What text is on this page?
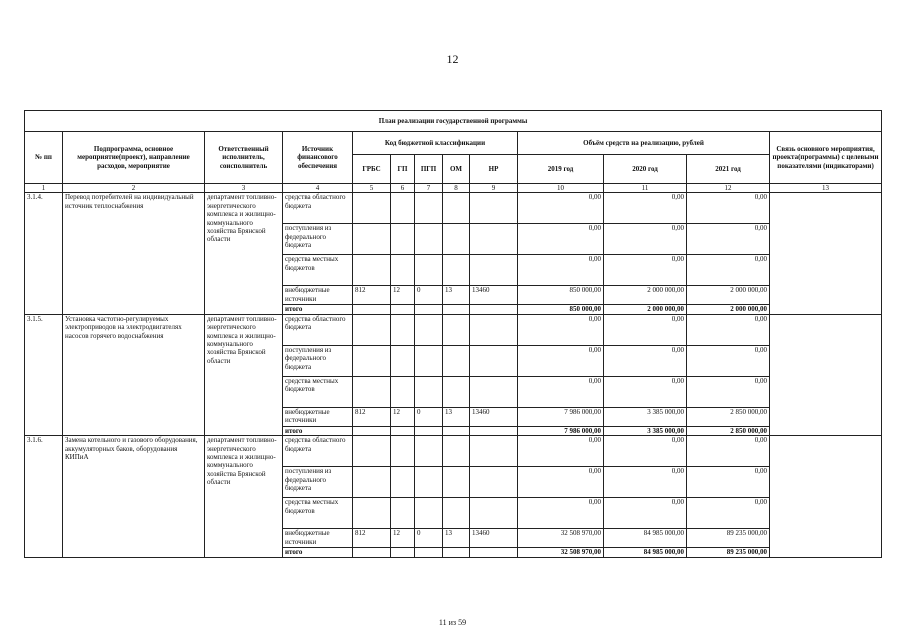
12
План реализации государственной программы												
№ пп	Подпрограмма, основное мероприятие(проект), направление расходов, мероприятие	Ответственный исполнитель, соисполнитель	Источник финансового обеспечения	Код бюджетной классификации					Объём средств на реализацию, рублей			Связь основного мероприятия, проекта(программы) с целевыми показателями (индикаторами)
				ГРБС	ГП	ПГП	ОМ	НР	2019 год	2020 год	2021 год	
1	2	3	4	5	6	7	8	9	10	11	12	13
3.1.4.	Перевод потребителей на индивидуальный источник теплоснабжения	департамент топливно-энергетического комплекса и жилищно-коммунального хозяйства Брянской области	средства областного бюджета						0,00	0,00	0,00	
			поступления из федерального бюджета						0,00	0,00	0,00	
			средства местных бюджетов						0,00	0,00	0,00	
			внебюджетные источники	812	12	0	13	13460	850 000,00	2 000 000,00	2 000 000,00	
			итого						850 000,00	2 000 000,00	2 000 000,00	
3.1.5.	Установка частотно-регулируемых электроприводов на электродвигателях насосов горячего водоснабжения	департамент топливно-энергетического комплекса и жилищно-коммунального хозяйства Брянской области	средства областного бюджета						0,00	0,00	0,00	
			поступления из федерального бюджета						0,00	0,00	0,00	
			средства местных бюджетов						0,00	0,00	0,00	
			внебюджетные источники	812	12	0	13	13460	7 986 000,00	3 385 000,00	2 850 000,00	
			итого						7 986 000,00	3 385 000,00	2 850 000,00	
3.1.6.	Замена котельного и газового оборудования, аккумуляторных баков, оборудования КИПиА	департамент топливно-энергетического комплекса и жилищно-коммунального хозяйства Брянской области	средства областного бюджета						0,00	0,00	0,00	
			поступления из федерального бюджета						0,00	0,00	0,00	
			средства местных бюджетов						0,00	0,00	0,00	
			внебюджетные источники	812	12	0	13	13460	32 508 970,00	84 985 000,00	89 235 000,00	
			итого						32 508 970,00	84 985 000,00	89 235 000,00	
11 из 59
